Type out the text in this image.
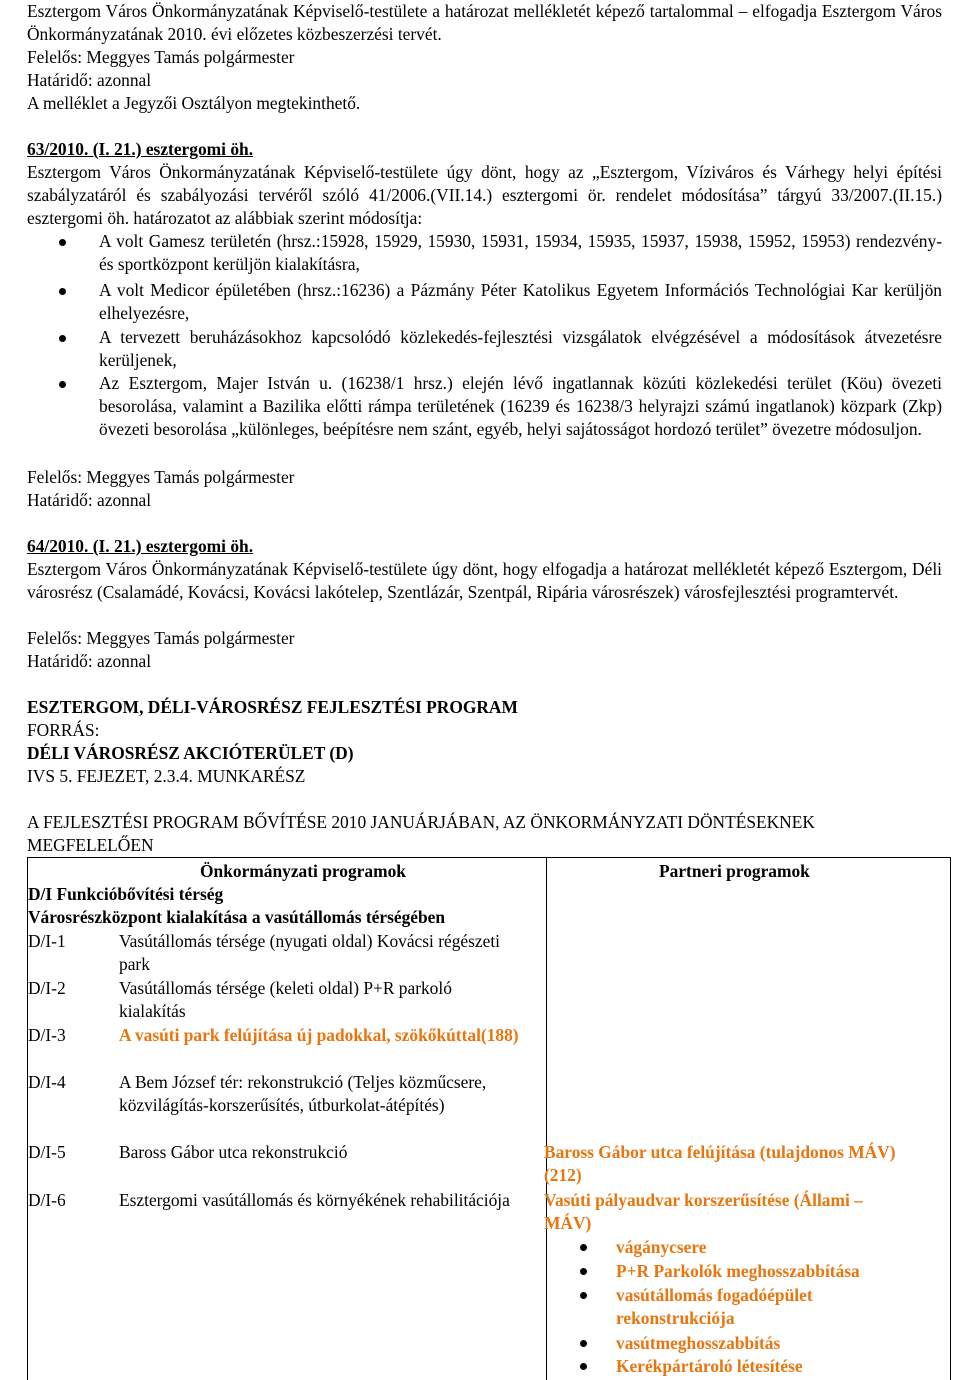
Esztergom Város Önkormányzatának Képviselő-testülete a határozat mellékletét képező tartalommal – elfogadja Esztergom Város Önkormányzatának 2010. évi előzetes közbeszerzési tervét.
Felelős: Meggyes Tamás polgármester
Határidő: azonnal
A melléklet a Jegyzői Osztályon megtekinthető.
63/2010. (I. 21.) esztergomi öh.
Esztergom Város Önkormányzatának Képviselő-testülete úgy dönt, hogy az „Esztergom, Víziváros és Várhegy helyi építési szabályzatáról és szabályozási tervéről szóló 41/2006.(VII.14.) esztergomi ör. rendelet módosítása” tárgyú 33/2007.(II.15.) esztergomi öh. határozatot az alábbiak szerint módosítja:
A volt Gamesz területén (hrsz.:15928, 15929, 15930, 15931, 15934, 15935, 15937, 15938, 15952, 15953) rendezvény- és sportközpont kerüljön kialakításra,
A volt Medicor épületében (hrsz.:16236) a Pázmány Péter Katolikus Egyetem Információs Technológiai Kar kerüljön elhelyezésre,
A tervezett beruházásokhoz kapcsolódó közlekedés-fejlesztési vizsgálatok elvégzésével a módosítások átvezetésre kerüljenek,
Az Esztergom, Majer István u. (16238/1 hrsz.) elején lévő ingatlannak közúti közlekedési terület (Köu) övezeti besorolása, valamint a Bazilika előtti rámpa területének (16239 és 16238/3 helyrajzi számú ingatlanok) közpark (Zkp) övezeti besorolása „különleges, beépítésre nem szánt, egyéb, helyi sajátosságot hordozó terület” övezetre módosuljon.
Felelős: Meggyes Tamás polgármester
Határidő: azonnal
64/2010. (I. 21.) esztergomi öh.
Esztergom Város Önkormányzatának Képviselő-testülete úgy dönt, hogy elfogadja a határozat mellékletét képező Esztergom, Déli városrész (Csalamádé, Kovácsi, Kovácsi lakótelep, Szentlázár, Szentpál, Ripária városrészek) városfejlesztési programtervét.
Felelős: Meggyes Tamás polgármester
Határidő: azonnal
ESZTERGOM, DÉLI-VÁROSRÉSZ FEJLESZTÉSI PROGRAM
FORRÁS:
DÉLI VÁROSRÉSZ AKCIÓTERÜLET (D)
IVS 5. FEJEZET, 2.3.4. MUNKARÉSZ
A FEJLESZTÉSI PROGRAM BŐVÍTÉSE 2010 JANUÁRJÁBAN, AZ ÖNKORMÁNYZATI DÖNTÉSEKNEK MEGFELELŐEN
Önkormányzati programok	Partneri programok
D/I Funkcióbővítési térség
Városrészközpont kialakítása a vasútállomás térségében
D/I-1	Vasútállomás térsége (nyugati oldal) Kovácsi régészeti park
D/I-2	Vasútállomás térsége (keleti oldal) P+R parkoló kialakítás
D/I-3	A vasúti park felújítása új padokkal, szökőkúttal(188)
D/I-4	A Bem József tér: rekonstrukció (Teljes közműcsere, közvilágítás-korszerűsítés, útburkolat-átépítés)
D/I-5	Baross Gábor utca rekonstrukció	Baross Gábor utca felújítása (tulajdonos MÁV) (212)
D/I-6	Esztergomi vasútállomás és környékének rehabilitációja	Vasúti pályaudvar korszerűsítése (Állami – MÁV)
vágánycsere
P+R Parkolók meghosszabbítása
vasútállomás fogadóépület rekonstrukciója
vasútmeghosszabbítás
Kerékpártároló létesítése
